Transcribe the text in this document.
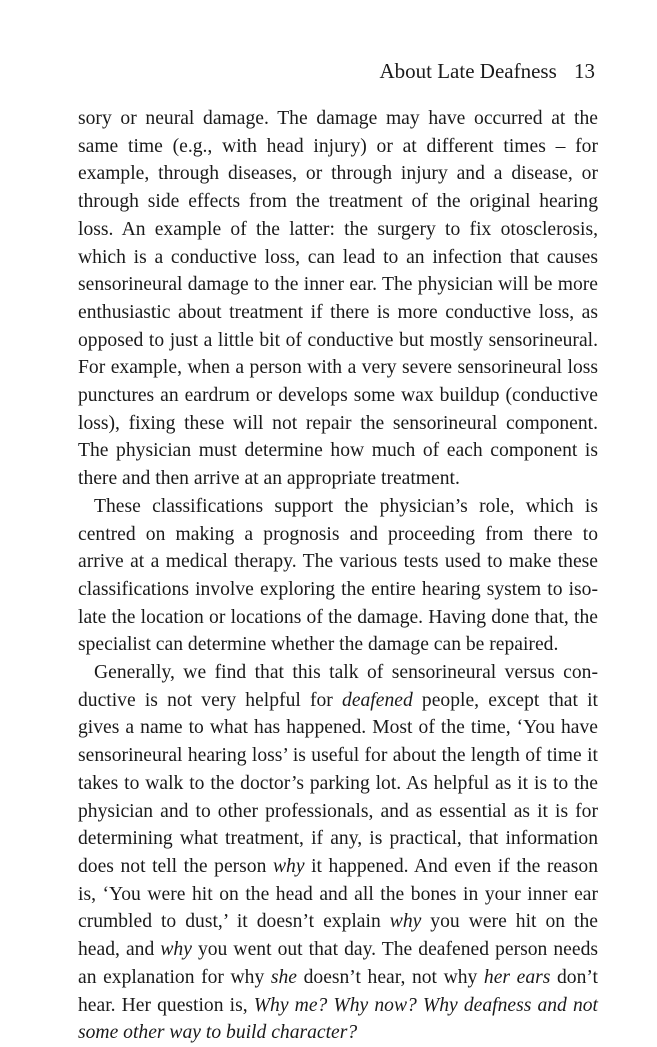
About Late Deafness 13

sory or neural damage. The damage may have occurred at the same time (e.g., with head injury) or at different times – for example, through diseases, or through injury and a disease, or through side effects from the treatment of the original hearing loss. An example of the latter: the surgery to fix otosclerosis, which is a conductive loss, can lead to an infection that causes sensorineural damage to the inner ear. The physician will be more enthusiastic about treatment if there is more conductive loss, as opposed to just a little bit of conductive but mostly sensorineural. For example, when a person with a very severe sensorineural loss punctures an eardrum or develops some wax buildup (conductive loss), fixing these will not repair the sensorineural component. The physician must determine how much of each component is there and then arrive at an appropriate treatment.

These classifications support the physician’s role, which is centred on making a prognosis and proceeding from there to arrive at a medical therapy. The various tests used to make these classifications involve exploring the entire hearing system to isolate the location or locations of the damage. Having done that, the specialist can determine whether the damage can be repaired.

Generally, we find that this talk of sensorineural versus conductive is not very helpful for deafened people, except that it gives a name to what has happened. Most of the time, ‘You have sensorineural hearing loss’ is useful for about the length of time it takes to walk to the doctor’s parking lot. As helpful as it is to the physician and to other professionals, and as essential as it is for determining what treatment, if any, is practical, that information does not tell the person why it happened. And even if the reason is, ‘You were hit on the head and all the bones in your inner ear crumbled to dust,’ it doesn’t explain why you were hit on the head, and why you went out that day. The deafened person needs an explanation for why she doesn’t hear, not why her ears don’t hear. Her question is, Why me? Why now? Why deafness and not some other way to build character?
